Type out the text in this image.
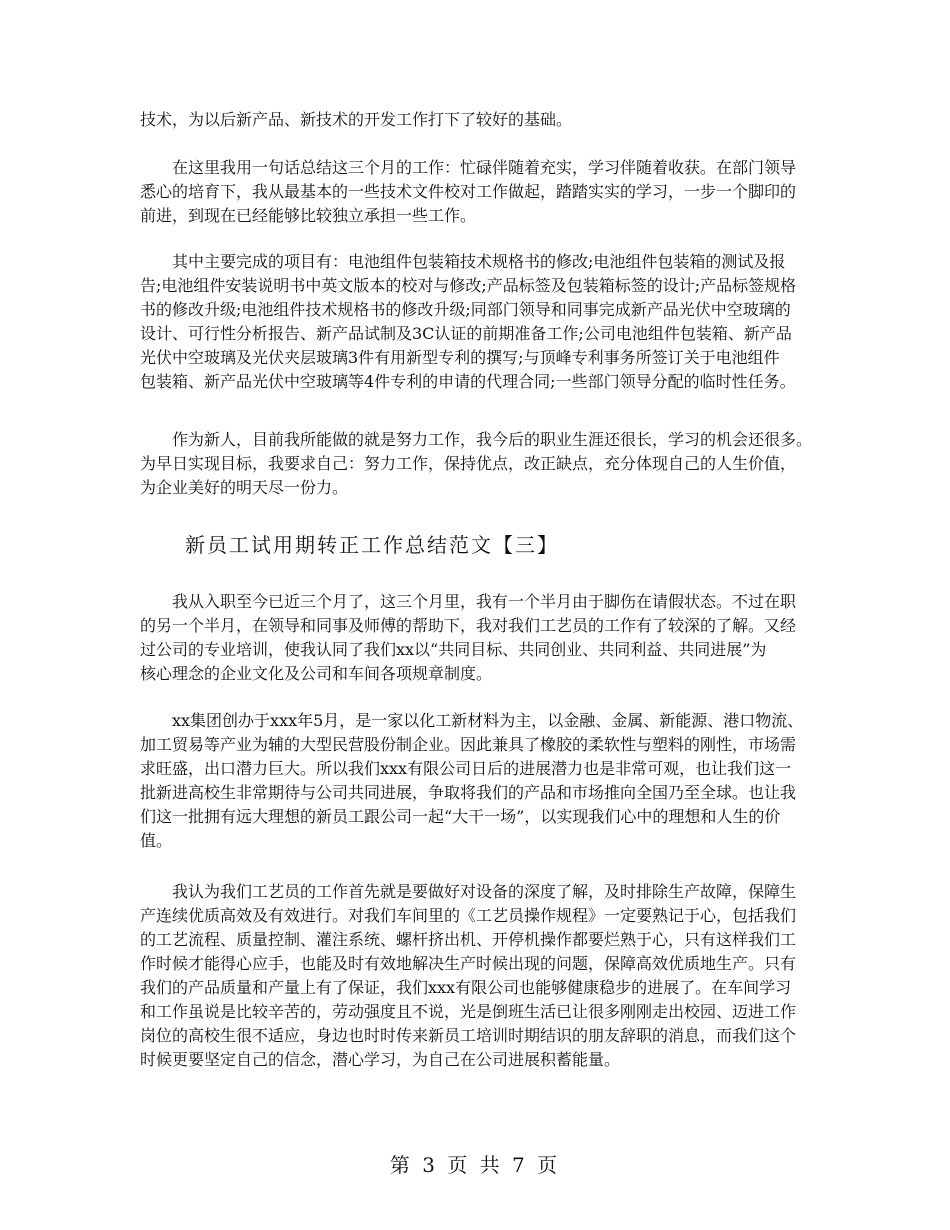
技术，为以后新产品、新技术的开发工作打下了较好的基础。
　　在这里我用一句话总结这三个月的工作：忙碌伴随着充实，学习伴随着收获。在部门领导
悉心的培育下，我从最基本的一些技术文件校对工作做起，踏踏实实的学习，一步一个脚印的
前进，到现在已经能够比较独立承担一些工作。
　　其中主要完成的项目有：电池组件包装箱技术规格书的修改;电池组件包装箱的测试及报
告;电池组件安装说明书中英文版本的校对与修改;产品标签及包装箱标签的设计;产品标签规格
书的修改升级;电池组件技术规格书的修改升级;同部门领导和同事完成新产品光伏中空玻璃的
设计、可行性分析报告、新产品试制及3C认证的前期准备工作;公司电池组件包装箱、新产品
光伏中空玻璃及光伏夹层玻璃3件有用新型专利的撰写;与顶峰专利事务所签订关于电池组件
包装箱、新产品光伏中空玻璃等4件专利的申请的代理合同;一些部门领导分配的临时性任务。
　　作为新人，目前我所能做的就是努力工作，我今后的职业生涯还很长，学习的机会还很多。
为早日实现目标，我要求自己：努力工作，保持优点，改正缺点，充分体现自己的人生价值，
为企业美好的明天尽一份力。
新员工试用期转正工作总结范文【三】
　　我从入职至今已近三个月了，这三个月里，我有一个半月由于脚伤在请假状态。不过在职
的另一个半月，在领导和同事及师傅的帮助下，我对我们工艺员的工作有了较深的了解。又经
过公司的专业培训，使我认同了我们xx以“共同目标、共同创业、共同利益、共同进展”为
核心理念的企业文化及公司和车间各项规章制度。
　　xx集团创办于xxx年5月，是一家以化工新材料为主，以金融、金属、新能源、港口物流、
加工贸易等产业为辅的大型民营股份制企业。因此兼具了橡胶的柔软性与塑料的刚性，市场需
求旺盛，出口潜力巨大。所以我们xxx有限公司日后的进展潜力也是非常可观，也让我们这一
批新进高校生非常期待与公司共同进展，争取将我们的产品和市场推向全国乃至全球。也让我
们这一批拥有远大理想的新员工跟公司一起“大干一场”，以实现我们心中的理想和人生的价
值。
　　我认为我们工艺员的工作首先就是要做好对设备的深度了解，及时排除生产故障，保障生
产连续优质高效及有效进行。对我们车间里的《工艺员操作规程》一定要熟记于心，包括我们
的工艺流程、质量控制、灌注系统、螺杆挤出机、开停机操作都要烂熟于心，只有这样我们工
作时候才能得心应手，也能及时有效地解决生产时候出现的问题，保障高效优质地生产。只有
我们的产品质量和产量上有了保证，我们xxx有限公司也能够健康稳步的进展了。在车间学习
和工作虽说是比较辛苦的，劳动强度且不说，光是倒班生活已让很多刚刚走出校园、迈进工作
岗位的高校生很不适应，身边也时时传来新员工培训时期结识的朋友辞职的消息，而我们这个
时候更要坚定自己的信念，潜心学习，为自己在公司进展积蓄能量。
第 3 页 共 7 页
